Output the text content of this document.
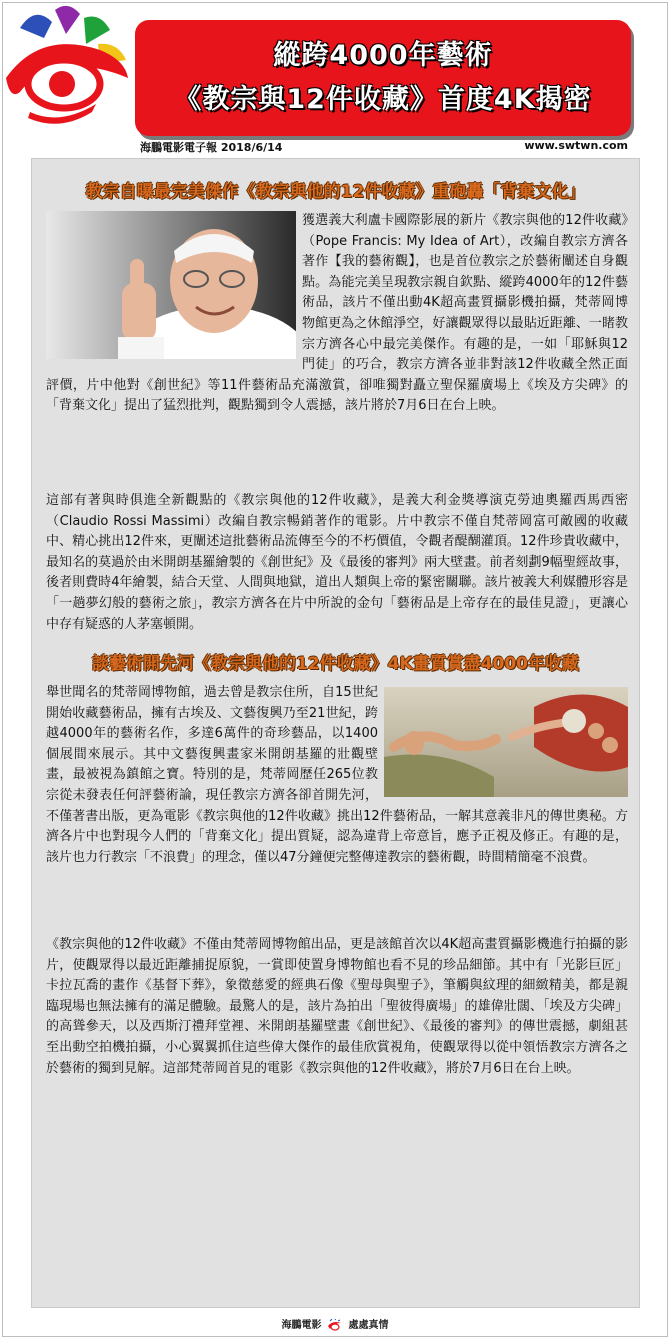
縱跨4000年藝術
《教宗與12件收藏》首度4K揭密
海鵬電影電子報 2018/6/14	www.swtwn.com
教宗自曝最完美傑作《教宗與他的12件收藏》重砲轟「背棄文化」
獲選義大利盧卡國際影展的新片《教宗與他的12件收藏》（Pope Francis: My Idea of Art），改編自教宗方濟各著作【我的藝術觀】，也是首位教宗之於藝術闡述自身觀點。為能完美呈現教宗親自欽點、縱跨4000年的12件藝術品，該片不僅出動4K超高畫質攝影機拍攝，梵蒂岡博物館更為之休館淨空，好讓觀眾得以最貼近距離、一睹教宗方濟各心中最完美傑作。有趣的是，一如「耶穌與12門徒」的巧合，教宗方濟各並非對該12件收藏全然正面評價，片中他對《創世紀》等11件藝術品充滿激賞，卻唯獨對矗立聖保羅廣場上《埃及方尖碑》的「背棄文化」提出了猛烈批判，觀點獨到令人震撼，該片將於7月6日在台上映。
這部有著與時俱進全新觀點的《教宗與他的12件收藏》，是義大利金獎導演克勞迪奧羅西馬西密（Claudio Rossi Massimi）改編自教宗暢銷著作的電影。片中教宗不僅自梵蒂岡富可敵國的收藏中、精心挑出12件來，更闡述這批藝術品流傳至今的不朽價值，令觀者醍醐灌頂。12件珍貴收藏中，最知名的莫過於由米開朗基羅繪製的《創世紀》及《最後的審判》兩大壁畫。前者刻劃9幅聖經故事，後者則費時4年繪製，結合天堂、人間與地獄，道出人類與上帝的緊密關聯。該片被義大利媒體形容是「一趟夢幻般的藝術之旅」，教宗方濟各在片中所說的金句「藝術品是上帝存在的最佳見證」，更讓心中存有疑惑的人茅塞頓開。
談藝術開先河《教宗與他的12件收藏》4K畫質賞盡4000年收藏
舉世聞名的梵蒂岡博物館，過去曾是教宗住所，自15世紀開始收藏藝術品，擁有古埃及、文藝復興乃至21世紀，跨越4000年的藝術名作，多達6萬件的奇珍藝品，以1400個展間來展示。其中文藝復興畫家米開朗基羅的壯觀壁畫，最被視為鎮館之寶。特別的是，梵蒂岡歷任265位教宗從未發表任何評藝術論，現任教宗方濟各卻首開先河，不僅著書出版，更為電影《教宗與他的12件收藏》挑出12件藝術品，一解其意義非凡的傳世奧秘。方濟各片中也對現今人們的「背棄文化」提出質疑，認為違背上帝意旨，應予正視及修正。有趣的是，該片也力行教宗「不浪費」的理念，僅以47分鐘便完整傳達教宗的藝術觀，時間精簡毫不浪費。
《教宗與他的12件收藏》不僅由梵蒂岡博物館出品，更是該館首次以4K超高畫質攝影機進行拍攝的影片，使觀眾得以最近距離捕捉原貌，一賞即使置身博物館也看不見的珍品細節。其中有「光影巨匠」卡拉瓦喬的畫作《基督下葬》，象徵慈愛的經典石像《聖母與聖子》，筆觸與紋理的細緻精美，都是親臨現場也無法擁有的滿足體驗。最驚人的是，該片為拍出「聖彼得廣場」的雄偉壯闊、「埃及方尖碑」的高聳參天，以及西斯汀禮拜堂裡、米開朗基羅壁畫《創世紀》、《最後的審判》的傳世震撼，劇組甚至出動空拍機拍攝，小心翼翼抓住這些偉大傑作的最佳欣賞視角，使觀眾得以從中領悟教宗方濟各之於藝術的獨到見解。這部梵蒂岡首見的電影《教宗與他的12件收藏》，將於7月6日在台上映。
海鵬電影	處處真情
